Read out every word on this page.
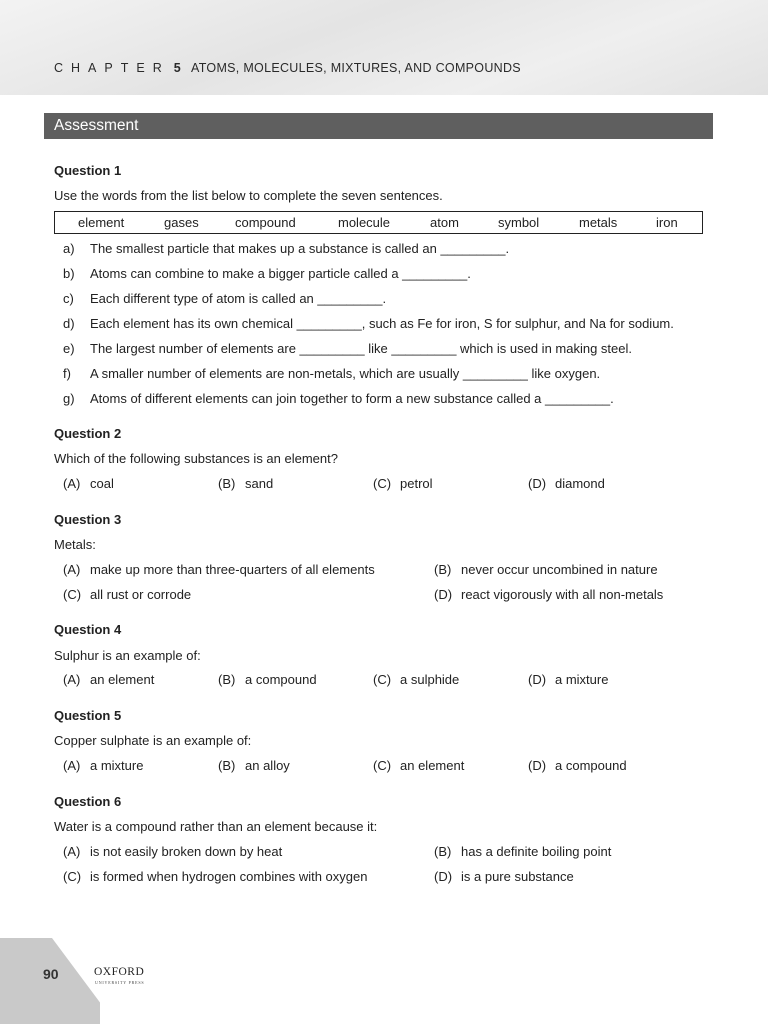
CHAPTER 5 ATOMS, MOLECULES, MIXTURES, AND COMPOUNDS
Assessment
Question 1
Use the words from the list below to complete the seven sentences.
element	gases	compound	molecule	atom	symbol	metals	iron
a) The smallest particle that makes up a substance is called an _________.
b) Atoms can combine to make a bigger particle called a _________.
c) Each different type of atom is called an _________.
d) Each element has its own chemical _________, such as Fe for iron, S for sulphur, and Na for sodium.
e) The largest number of elements are _________ like _________ which is used in making steel.
f) A smaller number of elements are non-metals, which are usually _________ like oxygen.
g) Atoms of different elements can join together to form a new substance called a _________.
Question 2
Which of the following substances is an element?
(A) coal	(B) sand	(C) petrol	(D) diamond
Question 3
Metals:
(A) make up more than three-quarters of all elements	(B) never occur uncombined in nature
(C) all rust or corrode	(D) react vigorously with all non-metals
Question 4
Sulphur is an example of:
(A) an element	(B) a compound	(C) a sulphide	(D) a mixture
Question 5
Copper sulphate is an example of:
(A) a mixture	(B) an alloy	(C) an element	(D) a compound
Question 6
Water is a compound rather than an element because it:
(A) is not easily broken down by heat	(B) has a definite boiling point
(C) is formed when hydrogen combines with oxygen	(D) is a pure substance
90	OXFORD
UNIVERSITY PRESS
